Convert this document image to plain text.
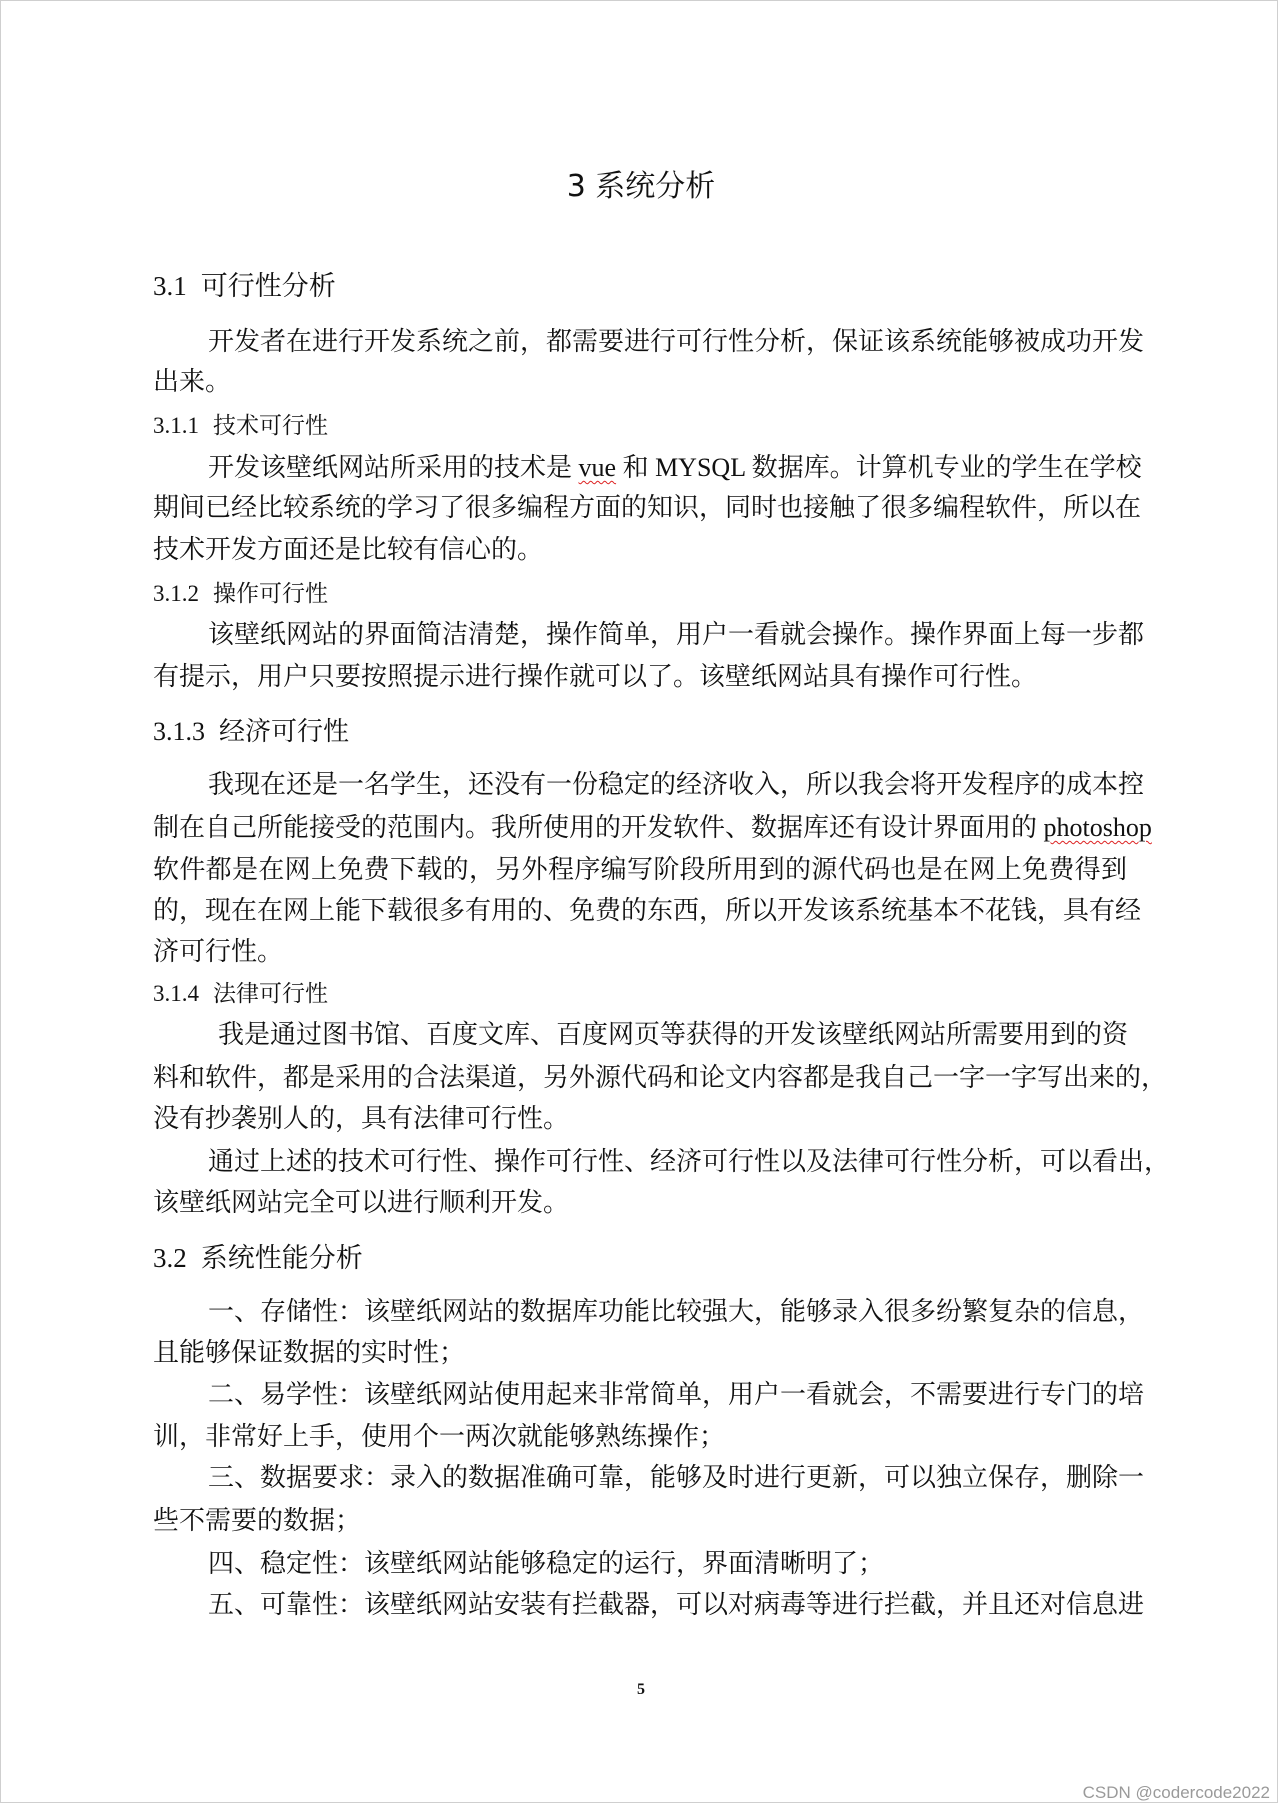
3 系统分析
3.1 可行性分析
开发者在进行开发系统之前，都需要进行可行性分析，保证该系统能够被成功开发
出来。
3.1.1 技术可行性
开发该壁纸网站所采用的技术是 vue 和 MYSQL 数据库。计算机专业的学生在学校
期间已经比较系统的学习了很多编程方面的知识，同时也接触了很多编程软件，所以在
技术开发方面还是比较有信心的。
3.1.2 操作可行性
该壁纸网站的界面简洁清楚，操作简单，用户一看就会操作。操作界面上每一步都
有提示，用户只要按照提示进行操作就可以了。该壁纸网站具有操作可行性。
3.1.3 经济可行性
我现在还是一名学生，还没有一份稳定的经济收入，所以我会将开发程序的成本控
制在自己所能接受的范围内。我所使用的开发软件、数据库还有设计界面用的 photoshop
软件都是在网上免费下载的，另外程序编写阶段所用到的源代码也是在网上免费得到
的，现在在网上能下载很多有用的、免费的东西，所以开发该系统基本不花钱，具有经
济可行性。
3.1.4 法律可行性
我是通过图书馆、百度文库、百度网页等获得的开发该壁纸网站所需要用到的资
料和软件，都是采用的合法渠道，另外源代码和论文内容都是我自己一字一字写出来的，
没有抄袭别人的，具有法律可行性。
通过上述的技术可行性、操作可行性、经济可行性以及法律可行性分析，可以看出，
该壁纸网站完全可以进行顺利开发。
3.2 系统性能分析
一、存储性：该壁纸网站的数据库功能比较强大，能够录入很多纷繁复杂的信息，
且能够保证数据的实时性；
二、易学性：该壁纸网站使用起来非常简单，用户一看就会，不需要进行专门的培
训，非常好上手，使用个一两次就能够熟练操作；
三、数据要求：录入的数据准确可靠，能够及时进行更新，可以独立保存，删除一
些不需要的数据；
四、稳定性：该壁纸网站能够稳定的运行，界面清晰明了；
五、可靠性：该壁纸网站安装有拦截器，可以对病毒等进行拦截，并且还对信息进
5
CSDN @codercode2022
